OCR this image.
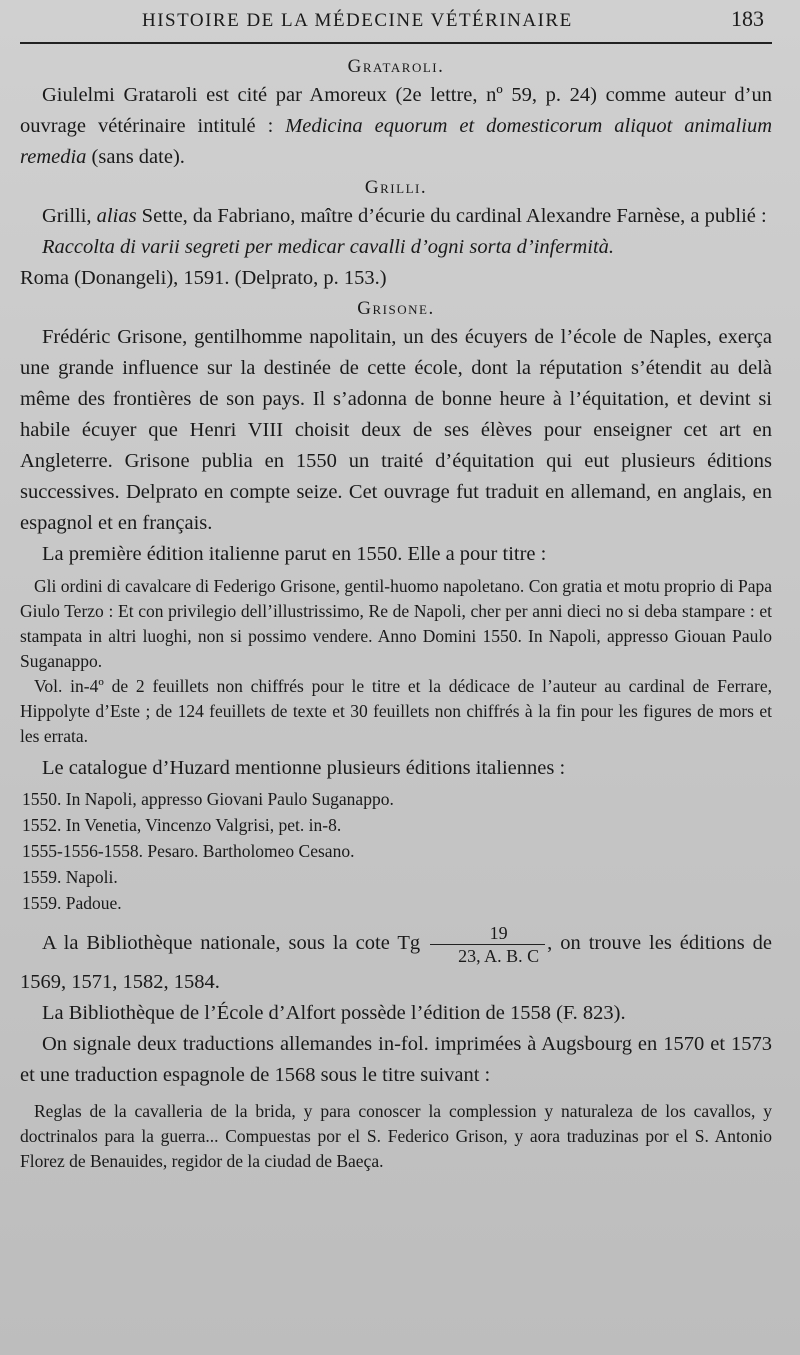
HISTOIRE DE LA MÉDECINE VÉTÉRINAIRE	183
Grataroli.

Giulelmi Grataroli est cité par Amoreux (2e lettre, nº 59, p. 24) comme auteur d’un ouvrage vétérinaire intitulé : Medicina equorum et domesticorum aliquot animalium remedia (sans date).

Grilli.

Grilli, alias Sette, da Fabriano, maître d’écurie du cardinal Alexandre Farnèse, a publié :

Raccolta di varii segreti per medicar cavalli d’ogni sorta d’infermità.

Roma (Donangeli), 1591. (Delprato, p. 153.)

Grisone.

Frédéric Grisone, gentilhomme napolitain, un des écuyers de l’école de Naples, exerça une grande influence sur la destinée de cette école, dont la réputation s’étendit au delà même des frontières de son pays. Il s’adonna de bonne heure à l’équitation, et devint si habile écuyer que Henri VIII choisit deux de ses élèves pour enseigner cet art en Angleterre. Grisone publia en 1550 un traité d’équitation qui eut plusieurs éditions successives. Delprato en compte seize. Cet ouvrage fut traduit en allemand, en anglais, en espagnol et en français.

La première édition italienne parut en 1550. Elle a pour titre :

Gli ordini di cavalcare di Federigo Grisone, gentil-huomo napoletano. Con gratia et motu proprio di Papa Giulo Terzo : Et con privilegio dell’illustrissimo, Re de Napoli, cher per anni dieci no si deba stampare : et stampata in altri luoghi, non si possimo vendere. Anno Domini 1550. In Napoli, appresso Giouan Paulo Suganappo.
Vol. in-4º de 2 feuillets non chiffrés pour le titre et la dédicace de l’auteur au cardinal de Ferrare, Hippolyte d’Este ; de 124 feuillets de texte et 30 feuillets non chiffrés à la fin pour les figures de mors et les errata.

Le catalogue d’Huzard mentionne plusieurs éditions italiennes :

1550. In Napoli, appresso Giovani Paulo Suganappo.
1552. In Venetia, Vincenzo Valgrisi, pet. in-8.
1555-1556-1558. Pesaro. Bartholomeo Cesano.
1559. Napoli.
1559. Padoue.

A la Bibliothèque nationale, sous la cote Tg $\frac{19}{23, A. B. C}$ , on trouve les éditions de 1569, 1571, 1582, 1584.

La Bibliothèque de l’École d’Alfort possède l’édition de 1558 (F. 823).

On signale deux traductions allemandes in-fol. imprimées à Augsbourg en 1570 et 1573 et une traduction espagnole de 1568 sous le titre suivant :

Reglas de la cavalleria de la brida, y para conoscer la complession y naturaleza de los cavallos, y doctrinalos para la guerra... Compuestas por el S. Federico Grison, y aora traduzinas por el S. Antonio Florez de Benauides, regidor de la ciudad de Baeça.
